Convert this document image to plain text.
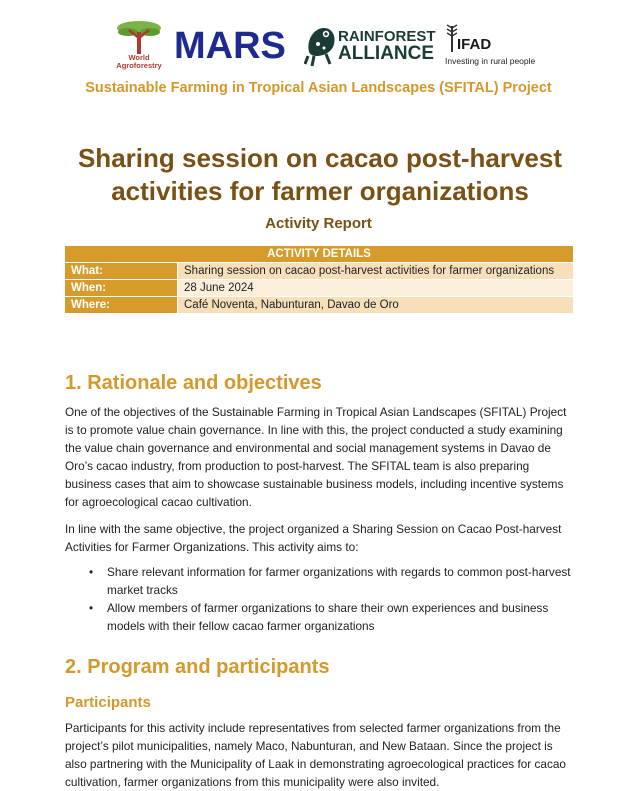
World Agroforestry MARS	RAINFOREST
ALLIANCE IFAD
Investing in rural people
Sustainable Farming in Tropical Asian Landscapes (SFITAL) Project
Sharing session on cacao post-harvest activities for farmer organizations
Activity Report
ACTIVITY DETAILS	
What:	Sharing session on cacao post-harvest activities for farmer organizations
When:	28 June 2024
Where:	Café Noventa, Nabunturan, Davao de Oro
1. Rationale and objectives

One of the objectives of the Sustainable Farming in Tropical Asian Landscapes (SFITAL) Project is to promote value chain governance. In line with this, the project conducted a study examining the value chain governance and environmental and social management systems in Davao de Oro’s cacao industry, from production to post-harvest. The SFITAL team is also preparing business cases that aim to showcase sustainable business models, including incentive systems for agroecological cacao cultivation.

In line with the same objective, the project organized a Sharing Session on Cacao Post-harvest Activities for Farmer Organizations. This activity aims to:

• Share relevant information for farmer organizations with regards to common post-harvest market tracks
• Allow members of farmer organizations to share their own experiences and business models with their fellow cacao farmer organizations
2. Program and participants
Participants

Participants for this activity include representatives from selected farmer organizations from the project’s pilot municipalities, namely Maco, Nabunturan, and New Bataan. Since the project is also partnering with the Municipality of Laak in demonstrating agroecological practices for cacao cultivation, farmer organizations from this municipality were also invited.
